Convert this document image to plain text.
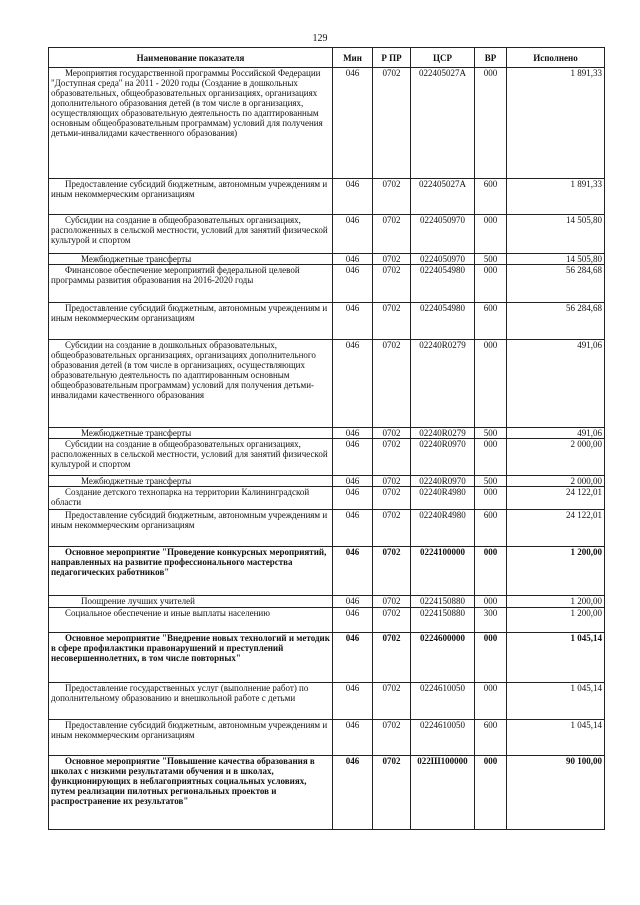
129
Наименование показателя	Мин	Р ПР	ЦСР	ВР	Исполнено
Мероприятия государственной программы Российской Федерации "Доступная среда" на 2011 - 2020 годы (Создание в дошкольных образовательных, общеобразовательных организациях, организациях дополнительного образования детей (в том числе в организациях, осуществляющих образовательную деятельность по адаптированным основным общеобразовательным программам) условий для получения детьми-инвалидами качественного образования)	046	0702	022405027A	000	1 891,33
Предоставление субсидий бюджетным, автономным учреждениям и иным некоммерческим организациям	046	0702	022405027A	600	1 891,33
Субсидии на создание в общеобразовательных организациях, расположенных в сельской местности, условий для занятий физической культурой и спортом	046	0702	0224050970	000	14 505,80
Межбюджетные трансферты	046	0702	0224050970	500	14 505,80
Финансовое обеспечение мероприятий федеральной целевой программы развития образования на 2016-2020 годы	046	0702	0224054980	000	56 284,68
Предоставление субсидий бюджетным, автономным учреждениям и иным некоммерческим организациям	046	0702	0224054980	600	56 284,68
Субсидии на создание в дошкольных образовательных, общеобразовательных организациях, организациях дополнительного образования детей (в том числе в организациях, осуществляющих образовательную деятельность по адаптированным основным общеобразовательным программам) условий для получения детьми-инвалидами качественного образования	046	0702	02240R0279	000	491,06
Межбюджетные трансферты	046	0702	02240R0279	500	491,06
Субсидии на создание в общеобразовательных организациях, расположенных в сельской местности, условий для занятий физической культурой и спортом	046	0702	02240R0970	000	2 000,00
Межбюджетные трансферты	046	0702	02240R0970	500	2 000,00
Создание детского технопарка на территории Калининградской области	046	0702	02240R4980	000	24 122,01
Предоставление субсидий бюджетным, автономным учреждениям и иным некоммерческим организациям	046	0702	02240R4980	600	24 122,01
Основное мероприятие "Проведение конкурсных мероприятий, направленных на развитие профессионального мастерства педагогических работников"	046	0702	0224100000	000	1 200,00
Поощрение лучших учителей	046	0702	0224150880	000	1 200,00
Социальное обеспечение и иные выплаты населению	046	0702	0224150880	300	1 200,00
Основное мероприятие "Внедрение новых технологий и методик в сфере профилактики правонарушений и преступлений несовершеннолетних, в том числе повторных"	046	0702	0224600000	000	1 045,14
Предоставление государственных услуг (выполнение работ) по дополнительному образованию и внешкольной работе с детьми	046	0702	0224610050	000	1 045,14
Предоставление субсидий бюджетным, автономным учреждениям и иным некоммерческим организациям	046	0702	0224610050	600	1 045,14
Основное мероприятие "Повышение качества образования в школах с низкими результатами обучения и в школах, функционирующих в неблагоприятных социальных условиях, путем реализации пилотных региональных проектов и распространение их результатов"	046	0702	022Ш100000	000	90 100,00
